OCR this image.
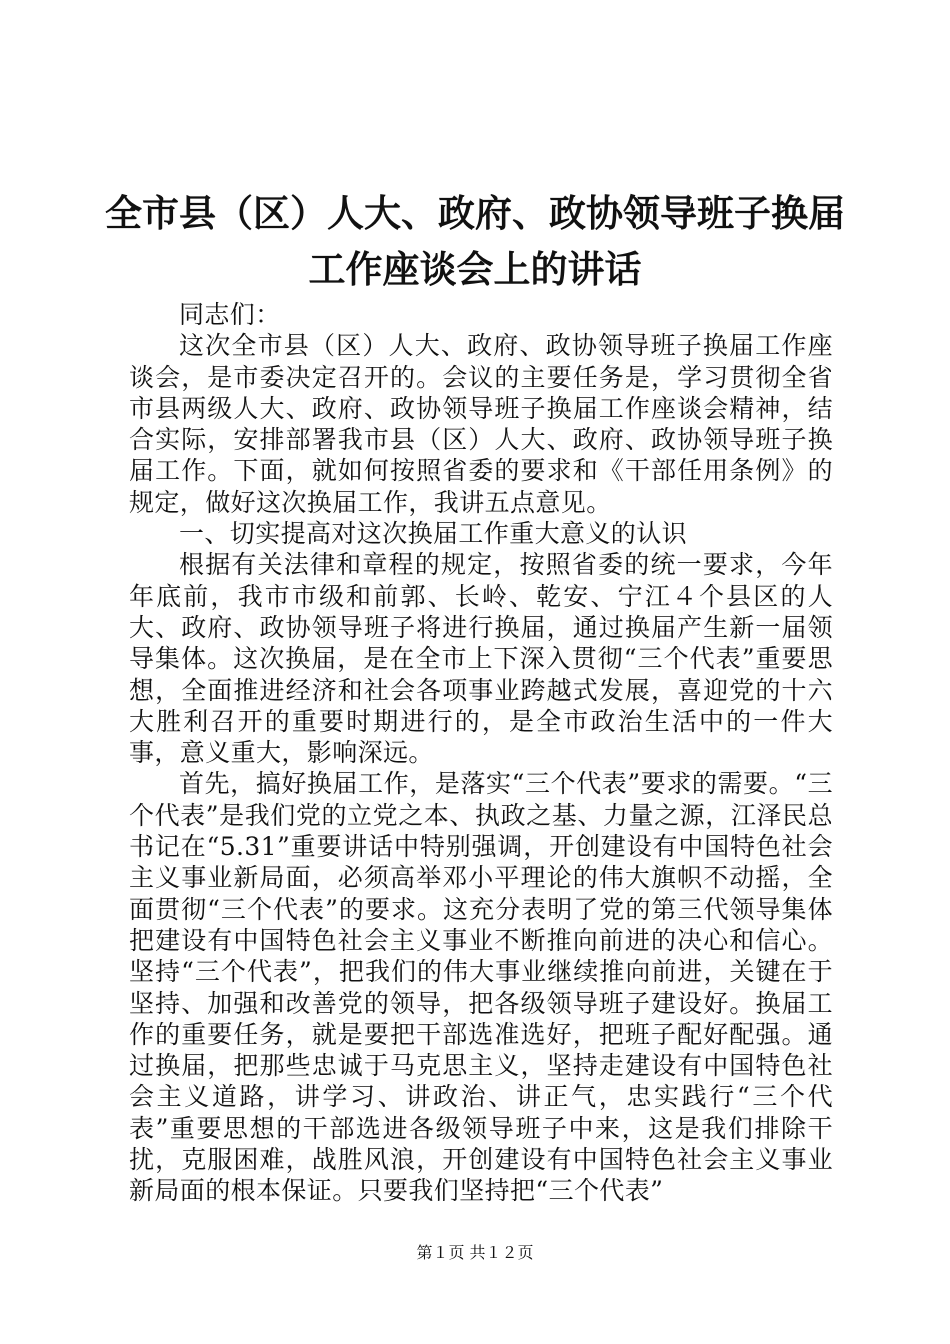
全市县（区）人大、政府、政协领导班子换届
工作座谈会上的讲话

同志们：

这次全市县（区）人大、政府、政协领导班子换届工作座谈会，是市委决定召开的。会议的主要任务是，学习贯彻全省市县两级人大、政府、政协领导班子换届工作座谈会精神，结合实际，安排部署我市县（区）人大、政府、政协领导班子换届工作。下面，就如何按照省委的要求和《干部任用条例》的规定，做好这次换届工作，我讲五点意见。

一、切实提高对这次换届工作重大意义的认识

根据有关法律和章程的规定，按照省委的统一要求，今年年底前，我市市级和前郭、长岭、乾安、宁江４个县区的人大、政府、政协领导班子将进行换届，通过换届产生新一届领导集体。这次换届，是在全市上下深入贯彻“三个代表”重要思想，全面推进经济和社会各项事业跨越式发展，喜迎党的十六大胜利召开的重要时期进行的，是全市政治生活中的一件大事，意义重大，影响深远。

首先，搞好换届工作，是落实“三个代表”要求的需要。“三个代表”是我们党的立党之本、执政之基、力量之源，江泽民总书记在“5.31”重要讲话中特别强调，开创建设有中国特色社会主义事业新局面，必须高举邓小平理论的伟大旗帜不动摇，全面贯彻“三个代表”的要求。这充分表明了党的第三代领导集体把建设有中国特色社会主义事业不断推向前进的决心和信心。坚持“三个代表”，把我们的伟大事业继续推向前进，关键在于坚持、加强和改善党的领导，把各级领导班子建设好。换届工作的重要任务，就是要把干部选准选好，把班子配好配强。通过换届，把那些忠诚于马克思主义，坚持走建设有中国特色社会主义道路，讲学习、讲政治、讲正气，忠实践行“三个代表”重要思想的干部选进各级领导班子中来，这是我们排除干扰，克服困难，战胜风浪，开创建设有中国特色社会主义事业新局面的根本保证。只要我们坚持把“三个代表”

第１页 共１２页
